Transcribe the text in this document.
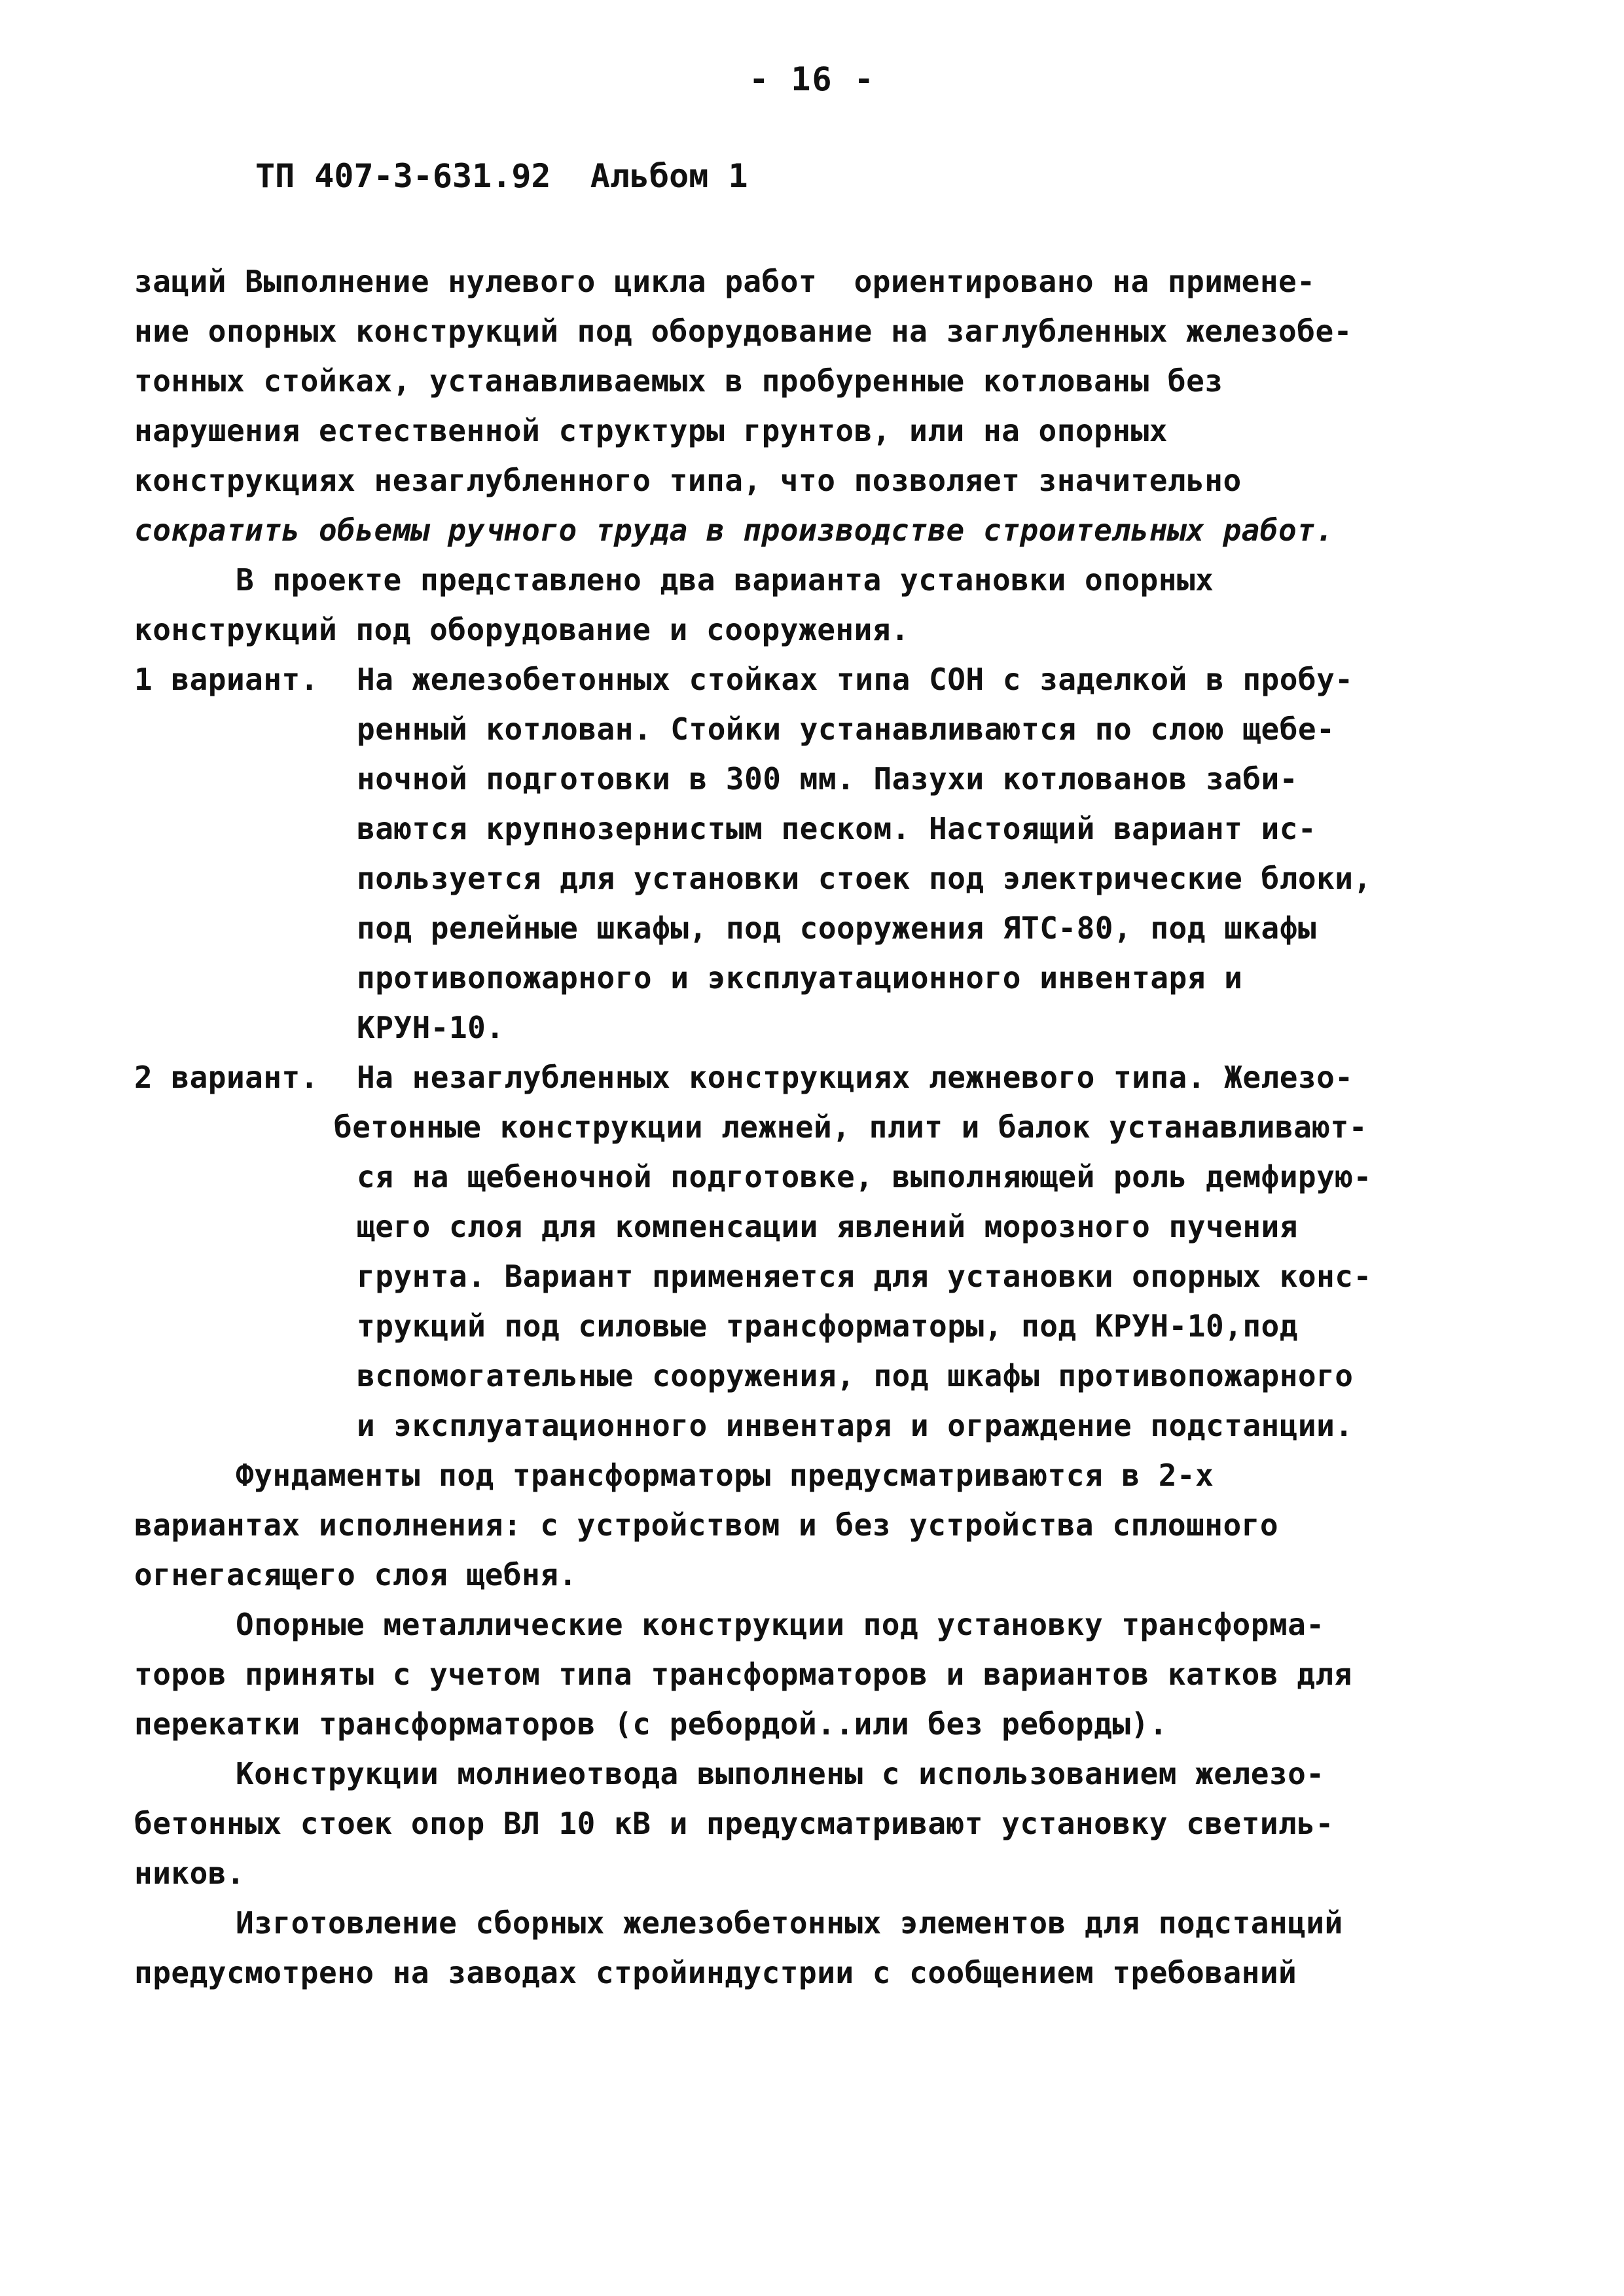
- 16 -
ТП 407-3-631.92  Альбом 1
заций Выполнение нулевого цикла работ  ориентировано на примене-
ние опорных конструкций под оборудование на заглубленных железобе-
тонных стойках, устанавливаемых в пробуренные котлованы без
нарушения естественной структуры грунтов, или на опорных
конструкциях незаглубленного типа, что позволяет значительно
сократить обьемы ручного труда в производстве строительных работ.
В проекте представлено два варианта установки опорных
конструкций под оборудование и сооружения.
1 вариант.	На железобетонных стойках типа СОН с заделкой в пробу-
ренный котлован. Стойки устанавливаются по слою щебе-
ночной подготовки в 300 мм. Пазухи котлованов заби-
ваются крупнозернистым песком. Настоящий вариант ис-
пользуется для установки стоек под электрические блоки,
под релейные шкафы, под сооружения ЯТС-80, под шкафы
противопожарного и эксплуатационного инвентаря и
КРУН-10.
2 вариант.	На незаглубленных конструкциях лежневого типа. Железо-
бетонные конструкции лежней, плит и балок устанавливают-
ся на щебеночной подготовке, выполняющей роль демфирую-
щего слоя для компенсации явлений морозного пучения
грунта. Вариант применяется для установки опорных конс-
трукций под силовые трансформаторы, под КРУН-10,под
вспомогательные сооружения, под шкафы противопожарного
и эксплуатационного инвентаря и ограждение подстанции.
Фундаменты под трансформаторы предусматриваются в 2-х
вариантах исполнения: с устройством и без устройства сплошного
огнегасящего слоя щебня.
Опорные металлические конструкции под установку трансформа-
торов приняты с учетом типа трансформаторов и вариантов катков для
перекатки трансформаторов (с ребордой..или без реборды).
Конструкции молниеотвода выполнены с использованием железо-
бетонных стоек опор ВЛ 10 кВ и предусматривают установку светиль-
ников.
Изготовление сборных железобетонных элементов для подстанций
предусмотрено на заводах стройиндустрии с сообщением требований
